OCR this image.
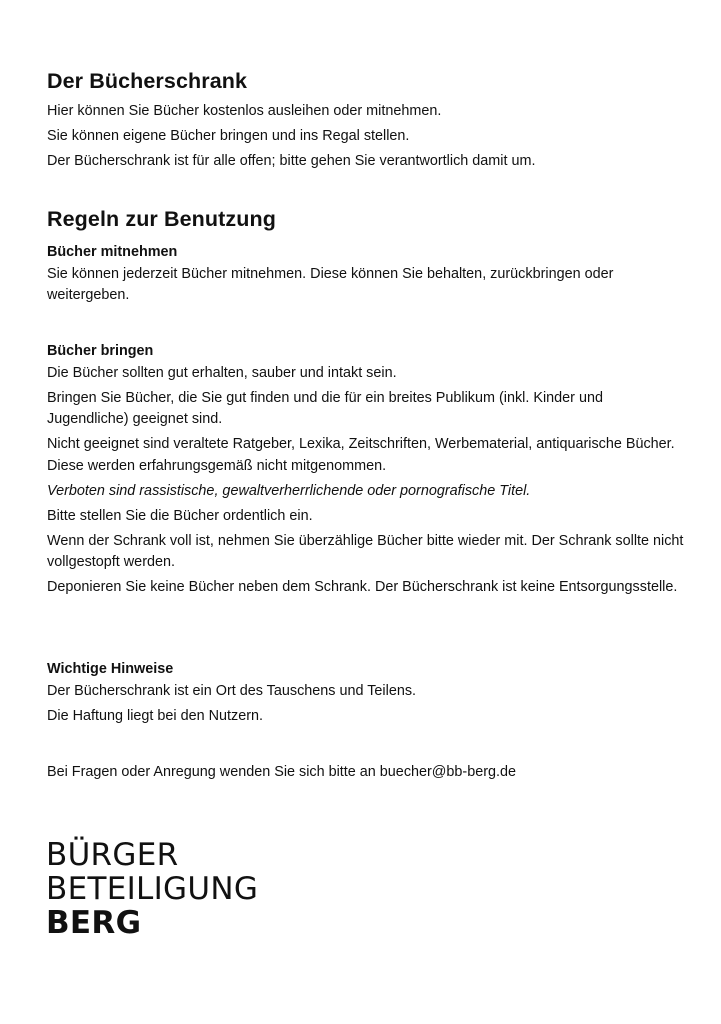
Der Bücherschrank

Hier können Sie Bücher kostenlos ausleihen oder mitnehmen.

Sie können eigene Bücher bringen und ins Regal stellen.

Der Bücherschrank ist für alle offen; bitte gehen Sie verantwortlich damit um.

Regeln zur Benutzung
Bücher mitnehmen

Sie können jederzeit Bücher mitnehmen. Diese können Sie behalten, zurückbringen oder weitergeben.

Bücher bringen

Die Bücher sollten gut erhalten, sauber und intakt sein.

Bringen Sie Bücher, die Sie gut finden und die für ein breites Publikum (inkl. Kinder und Jugendliche) geeignet sind.

Nicht geeignet sind veraltete Ratgeber, Lexika, Zeitschriften, Werbematerial, antiquarische Bücher. Diese werden erfahrungsgemäß nicht mitgenommen.

Verboten sind rassistische, gewaltverherrlichende oder pornografische Titel.

Bitte stellen Sie die Bücher ordentlich ein.

Wenn der Schrank voll ist, nehmen Sie überzählige Bücher bitte wieder mit. Der Schrank sollte nicht vollgestopft werden.

Deponieren Sie keine Bücher neben dem Schrank. Der Bücherschrank ist keine Entsorgungsstelle.

Wichtige Hinweise

Der Bücherschrank ist ein Ort des Tauschens und Teilens.

Die Haftung liegt bei den Nutzern.

Bei Fragen oder Anregung wenden Sie sich bitte an buecher@bb-berg.de

BÜRGER
BETEILIGUNG
BERG
